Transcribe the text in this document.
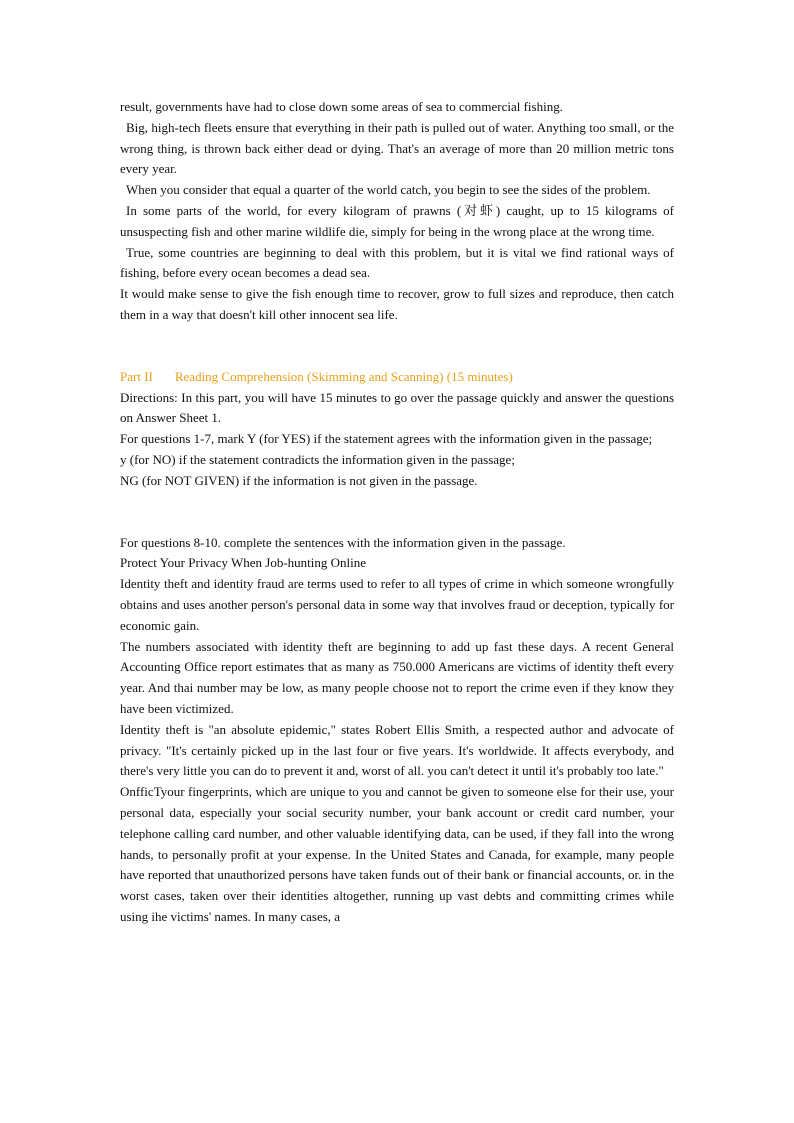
result, governments have had to close down some areas of sea to commercial fishing.

Big, high-tech fleets ensure that everything in their path is pulled out of water. Anything too small, or the wrong thing, is thrown back either dead or dying. That's an average of more than 20 million metric tons every year.

When you consider that equal a quarter of the world catch, you begin to see the sides of the problem.

In some parts of the world, for every kilogram of prawns (对虾) caught, up to 15 kilograms of unsuspecting fish and other marine wildlife die, simply for being in the wrong place at the wrong time.

True, some countries are beginning to deal with this problem, but it is vital we find rational ways of fishing, before every ocean becomes a dead sea.

It would make sense to give the fish enough time to recover, grow to full sizes and reproduce, then catch them in a way that doesn't kill other innocent sea life.

Part II Reading Comprehension (Skimming and Scanning) (15 minutes)

Directions: In this part, you will have 15 minutes to go over the passage quickly and answer the questions on Answer Sheet 1.

For questions 1-7, mark Y (for YES) if the statement agrees with the information given in the passage;

y (for NO) if the statement contradicts the information given in the passage;

NG (for NOT GIVEN) if the information is not given in the passage.

For questions 8-10. complete the sentences with the information given in the passage.

Protect Your Privacy When Job-hunting Online

Identity theft and identity fraud are terms used to refer to all types of crime in which someone wrongfully obtains and uses another person's personal data in some way that involves fraud or deception, typically for economic gain.

The numbers associated with identity theft are beginning to add up fast these days. A recent General Accounting Office report estimates that as many as 750.000 Americans are victims of identity theft every year. And thai number may be low, as many people choose not to report the crime even if they know they have been victimized.

Identity theft is "an absolute epidemic," states Robert Ellis Smith, a respected author and advocate of privacy. "It's certainly picked up in the last four or five years. It's worldwide. It affects everybody, and there's very little you can do to prevent it and, worst of all. you can't detect it until it's probably too late."

OnfficTyour fingerprints, which are unique to you and cannot be given to someone else for their use, your personal data, especially your social security number, your bank account or credit card number, your telephone calling card number, and other valuable identifying data, can be used, if they fall into the wrong hands, to personally profit at your expense. In the United States and Canada, for example, many people have reported that unauthorized persons have taken funds out of their bank or financial accounts, or. in the worst cases, taken over their identities altogether, running up vast debts and committing crimes while using ihe victims' names. In many cases, a
